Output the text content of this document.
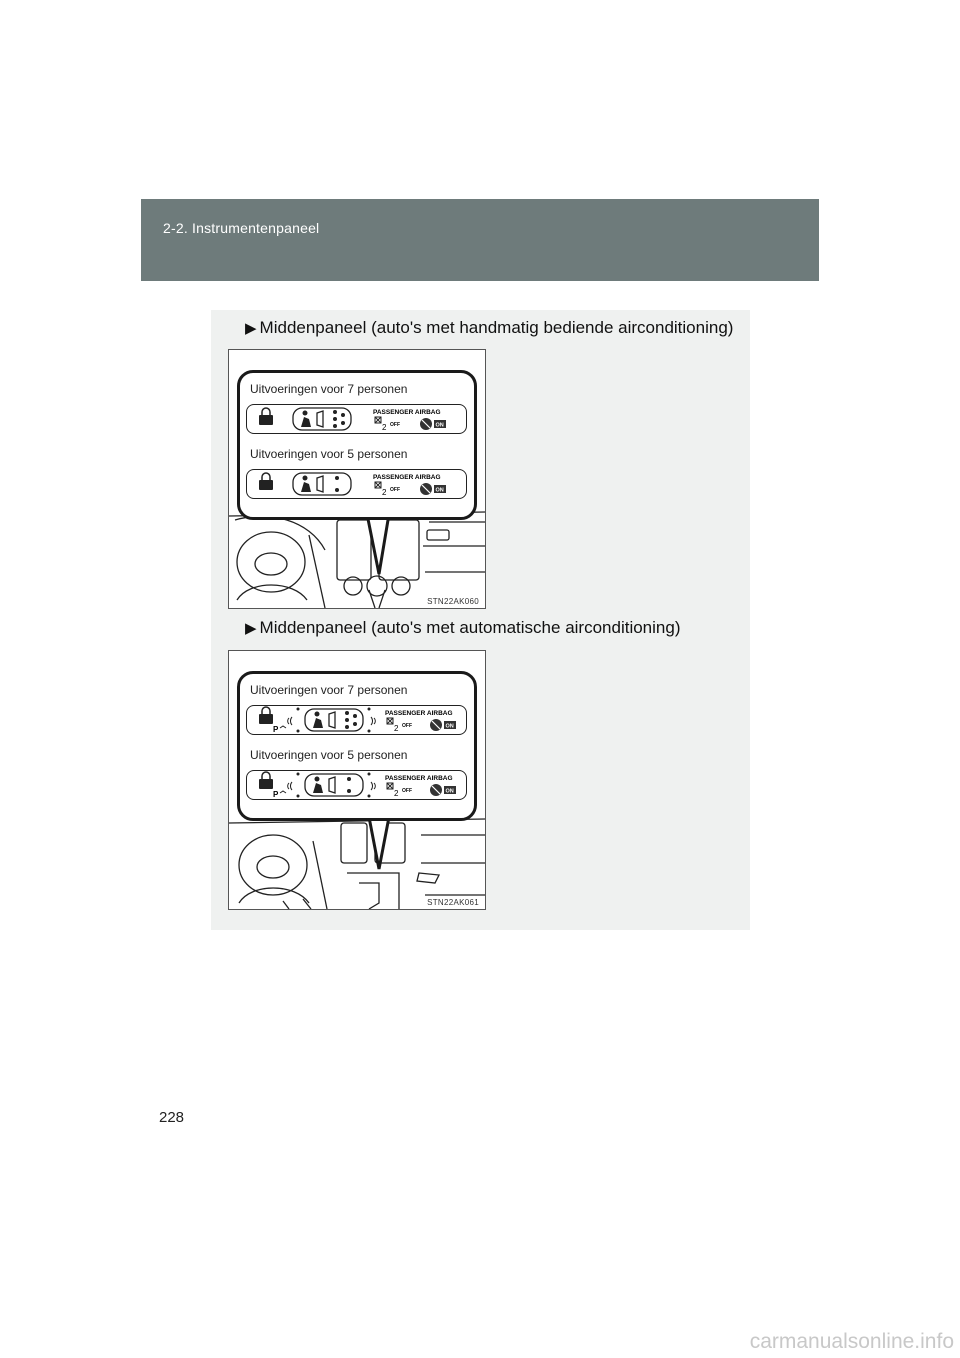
2-2. Instrumentenpaneel
▶ Middenpaneel (auto's met handmatig bediende airconditioning)
Uitvoeringen voor 7 personen
PASSENGER AIRBAG
2 OFF	ON
Uitvoeringen voor 5 personen
PASSENGER AIRBAG
2 OFF	ON
STN22AK060
▶ Middenpaneel (auto's met automatische airconditioning)
Uitvoeringen voor 7 personen
P
PASSENGER AIRBAG
2 OFF	ON
Uitvoeringen voor 5 personen
P
PASSENGER AIRBAG
2 OFF	ON
STN22AK061
228
carmanualsonline.info
